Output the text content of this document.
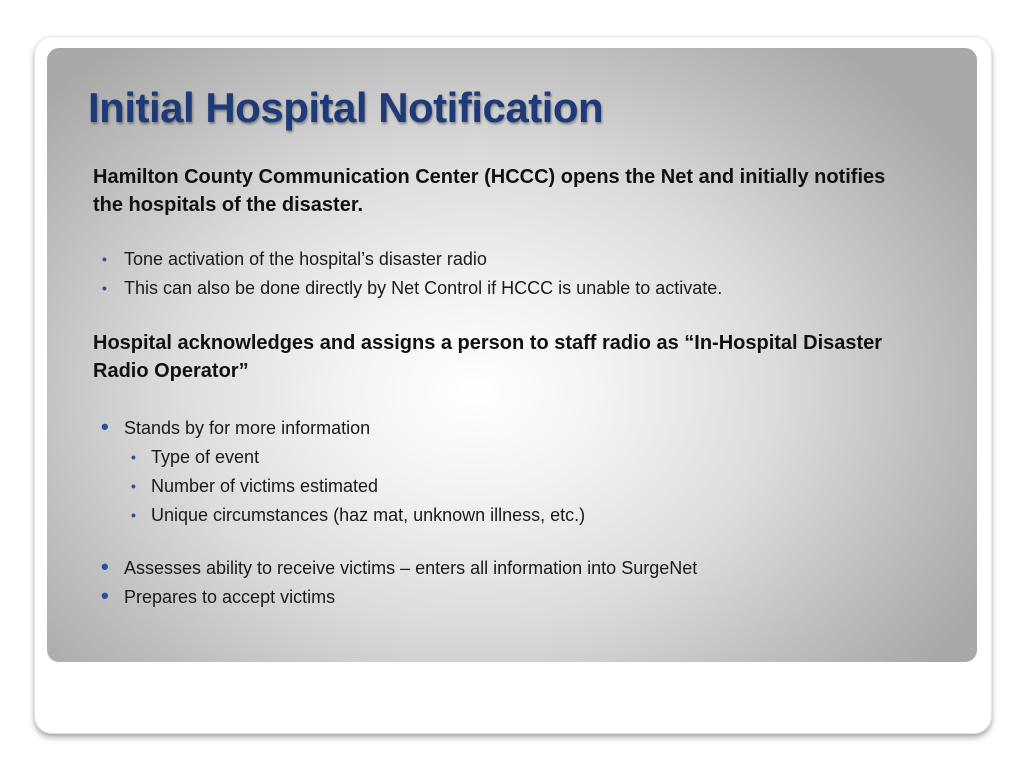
Initial Hospital Notification

Hamilton County Communication Center (HCCC) opens the Net and initially notifies the hospitals of the disaster.

• Tone activation of the hospital’s disaster radio
• This can also be done directly by Net Control if HCCC is unable to activate.

Hospital acknowledges and assigns a person to staff radio as “In-Hospital Disaster Radio Operator”

• Stands by for more information
• Type of event
• Number of victims estimated
• Unique circumstances (haz mat, unknown illness, etc.)
• Assesses ability to receive victims – enters all information into SurgeNet
• Prepares to accept victims
